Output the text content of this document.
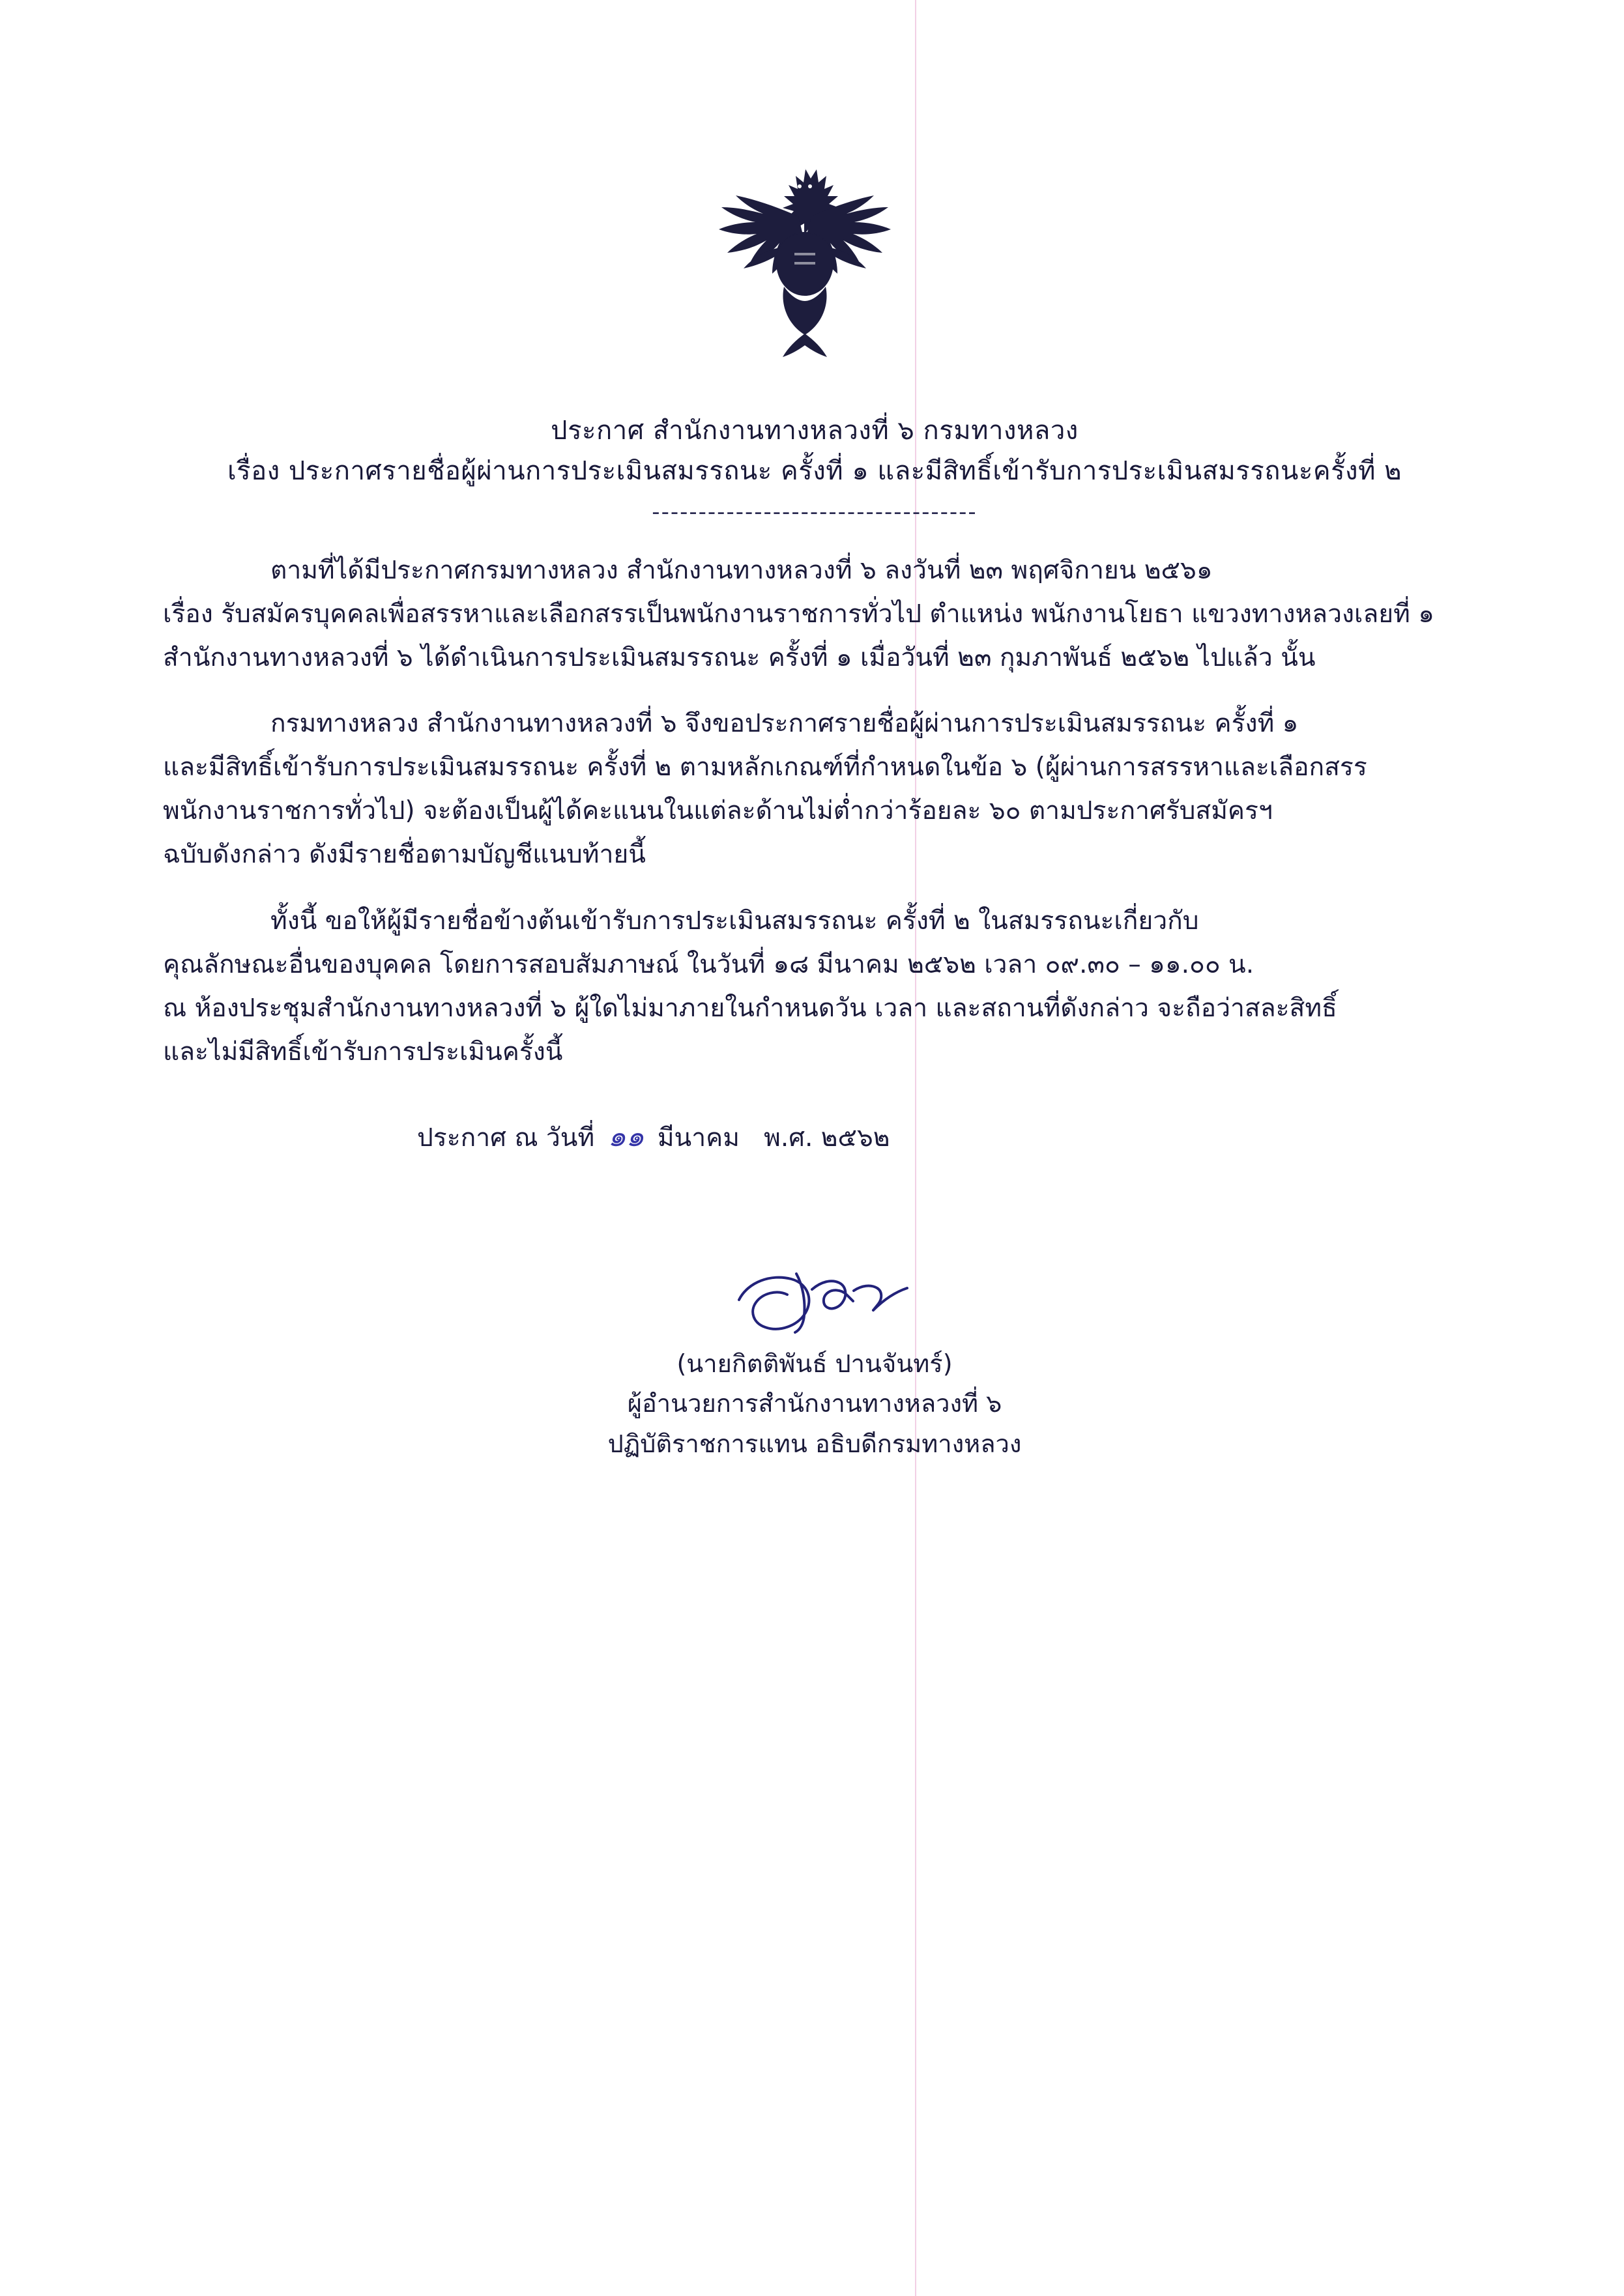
ประกาศ สำนักงานทางหลวงที่ ๖ กรมทางหลวง
เรื่อง ประกาศรายชื่อผู้ผ่านการประเมินสมรรถนะ ครั้งที่ ๑ และมีสิทธิ์เข้ารับการประเมินสมรรถนะครั้งที่ ๒
-----------------------------------
ตามที่ได้มีประกาศกรมทางหลวง สำนักงานทางหลวงที่ ๖ ลงวันที่ ๒๓ พฤศจิกายน ๒๕๖๑
เรื่อง รับสมัครบุคคลเพื่อสรรหาและเลือกสรรเป็นพนักงานราชการทั่วไป ตำแหน่ง พนักงานโยธา แขวงทางหลวงเลยที่ ๑
สำนักงานทางหลวงที่ ๖ ได้ดำเนินการประเมินสมรรถนะ ครั้งที่ ๑ เมื่อวันที่ ๒๓ กุมภาพันธ์ ๒๕๖๒ ไปแล้ว นั้น
กรมทางหลวง สำนักงานทางหลวงที่ ๖ จึงขอประกาศรายชื่อผู้ผ่านการประเมินสมรรถนะ ครั้งที่ ๑
และมีสิทธิ์เข้ารับการประเมินสมรรถนะ ครั้งที่ ๒ ตามหลักเกณฑ์ที่กำหนดในข้อ ๖ (ผู้ผ่านการสรรหาและเลือกสรร
พนักงานราชการทั่วไป) จะต้องเป็นผู้ได้คะแนนในแต่ละด้านไม่ต่ำกว่าร้อยละ ๖๐ ตามประกาศรับสมัครฯ
ฉบับดังกล่าว ดังมีรายชื่อตามบัญชีแนบท้ายนี้
ทั้งนี้ ขอให้ผู้มีรายชื่อข้างต้นเข้ารับการประเมินสมรรถนะ ครั้งที่ ๒ ในสมรรถนะเกี่ยวกับ
คุณลักษณะอื่นของบุคคล โดยการสอบสัมภาษณ์ ในวันที่ ๑๘ มีนาคม ๒๕๖๒ เวลา ๐๙.๓๐ – ๑๑.๐๐ น.
ณ ห้องประชุมสำนักงานทางหลวงที่ ๖ ผู้ใดไม่มาภายในกำหนดวัน เวลา และสถานที่ดังกล่าว จะถือว่าสละสิทธิ์
และไม่มีสิทธิ์เข้ารับการประเมินครั้งนี้
ประกาศ ณ วันที่ ๑๑ มีนาคม พ.ศ. ๒๕๖๒
(นายกิตติพันธ์ ปานจันทร์)
ผู้อำนวยการสำนักงานทางหลวงที่ ๖
ปฏิบัติราชการแทน อธิบดีกรมทางหลวง
